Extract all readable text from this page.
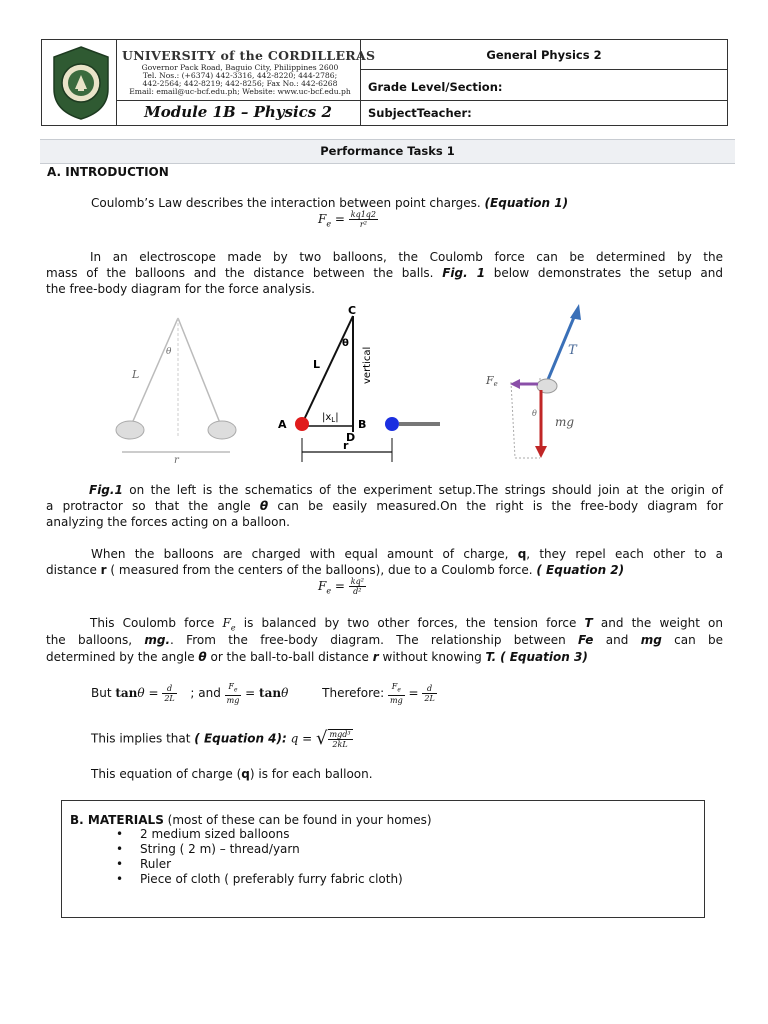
UNIVERSITY of the CORDILLERAS
Governor Pack Road, Baguio City, Philippines 2600
Tel. Nos.: (+6374) 442-3316, 442-8220; 444-2786;
442-2564; 442-8219; 442-8256; Fax No.: 442-6268
Email: email@uc-bcf.edu.ph; Website: www.uc-bcf.edu.ph
Module 1B – Physics 2
General Physics 2
Grade Level/Section:
SubjectTeacher:
Performance Tasks 1
A. INTRODUCTION
Coulomb’s Law describes the interaction between point charges. (Equation 1)
$F_e = \frac{kq1q2}{\text{r²}}$
In an electroscope made by two balloons, the Coulomb force can be determined by the
mass of the balloons and the distance between the balls. Fig. 1 below demonstrates the setup and
the free-body diagram for the force analysis.
L
θ
r
C
θ
L	vertical
A	B
D
$|x_L|$
r
T
Fe
mg
θ
Fig.1 on the left is the schematics of the experiment setup.The strings should join at the origin of
a protractor so that the angle θ can be easily measured.On the right is the free-body diagram for
analyzing the forces acting on a balloon.
When the balloons are charged with equal amount of charge, q, they repel each other to a
distance r ( measured from the centers of the balloons), due to a Coulomb force. ( Equation 2)
$F_e = \frac{\text{kq²}}{\text{d²}}$
This Coulomb force $F_e$ is balanced by two other forces, the tension force T and the weight on
the balloons, mg.. From the free-body diagram. The relationship between Fe and mg can be
determined by the angle θ or the ball-to-ball distance r without knowing T. ( Equation 3)
But $\tan\theta = \frac{d}{2L}$ ; and $\frac{F_e}{mg} = \tan\theta$	Therefore: $\frac{F_e}{mg} = \frac{d}{2L}$
This implies that ( Equation 4): q = √ $\frac{\text{mgd³}}{2kL}$
This equation of charge (q) is for each balloon.
B. MATERIALS (most of these can be found in your homes)
• 2 medium sized balloons
• String ( 2 m) – thread/yarn
• Ruler
• Piece of cloth ( preferably furry fabric cloth)
